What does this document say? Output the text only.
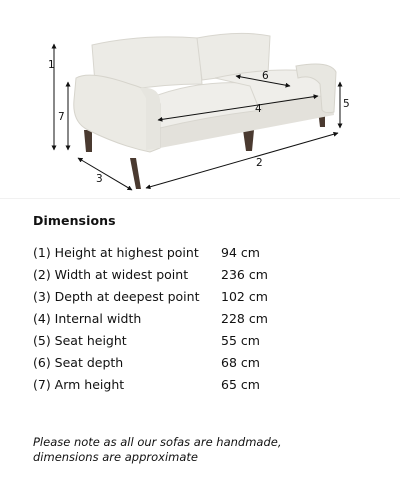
1
7
5
2
3
4
6
Dimensions
(1) Height at highest point 94 cm
(2) Width at widest point	236 cm
(3) Depth at deepest point 102 cm
(4) Internal width	228 cm
(5) Seat height	55 cm
(6) Seat depth	68 cm
(7) Arm height	65 cm
Please note as all our sofas are handmade,
dimensions are approximate
